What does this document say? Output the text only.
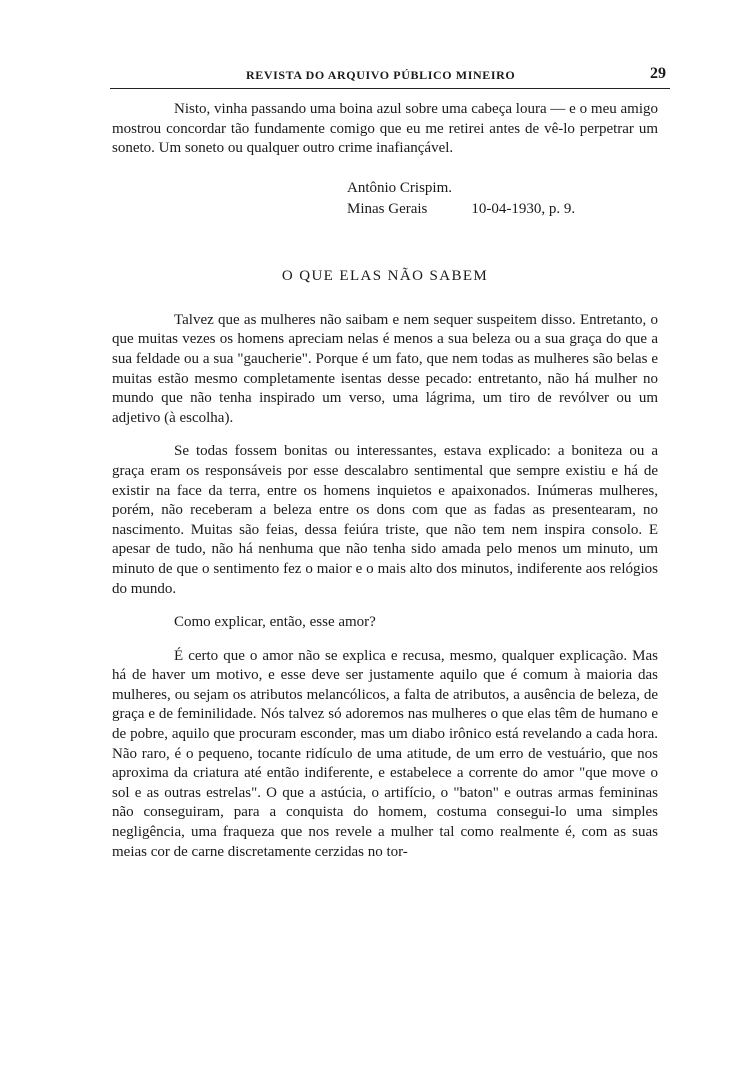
REVISTA DO ARQUIVO PÚBLICO MINEIRO	29

Nisto, vinha passando uma boina azul sobre uma cabeça loura — e o meu amigo mostrou concordar tão fundamente comigo que eu me retirei antes de vê-lo perpetrar um soneto. Um soneto ou qualquer outro crime inafiançável.

Antônio Crispim.
Minas Gerais	10-04-1930, p. 9.
O QUE ELAS NÃO SABEM

Talvez que as mulheres não saibam e nem sequer suspeitem disso. Entretanto, o que muitas vezes os homens apreciam nelas é menos a sua beleza ou a sua graça do que a sua feldade ou a sua "gaucherie". Porque é um fato, que nem todas as mulheres são belas e muitas estão mesmo completamente isentas desse pecado: entretanto, não há mulher no mundo que não tenha inspirado um verso, uma lágrima, um tiro de revólver ou um adjetivo (à escolha).

Se todas fossem bonitas ou interessantes, estava explicado: a boniteza ou a graça eram os responsáveis por esse descalabro sentimental que sempre existiu e há de existir na face da terra, entre os homens inquietos e apaixonados. Inúmeras mulheres, porém, não receberam a beleza entre os dons com que as fadas as presentearam, no nascimento. Muitas são feias, dessa feiúra triste, que não tem nem inspira consolo. E apesar de tudo, não há nenhuma que não tenha sido amada pelo menos um minuto, um minuto de que o sentimento fez o maior e o mais alto dos minutos, indiferente aos relógios do mundo.

Como explicar, então, esse amor?

É certo que o amor não se explica e recusa, mesmo, qualquer explicação. Mas há de haver um motivo, e esse deve ser justamente aquilo que é comum à maioria das mulheres, ou sejam os atributos melancólicos, a falta de atributos, a ausência de beleza, de graça e de feminilidade. Nós talvez só adoremos nas mulheres o que elas têm de humano e de pobre, aquilo que procuram esconder, mas um diabo irônico está revelando a cada hora. Não raro, é o pequeno, tocante ridículo de uma atitude, de um erro de vestuário, que nos aproxima da criatura até então indiferente, e estabelece a corrente do amor "que move o sol e as outras estrelas". O que a astúcia, o artifício, o "baton" e outras armas femininas não conseguiram, para a conquista do homem, costuma consegui-lo uma simples negligência, uma fraqueza que nos revele a mulher tal como realmente é, com as suas meias cor de carne discretamente cerzidas no tor-
